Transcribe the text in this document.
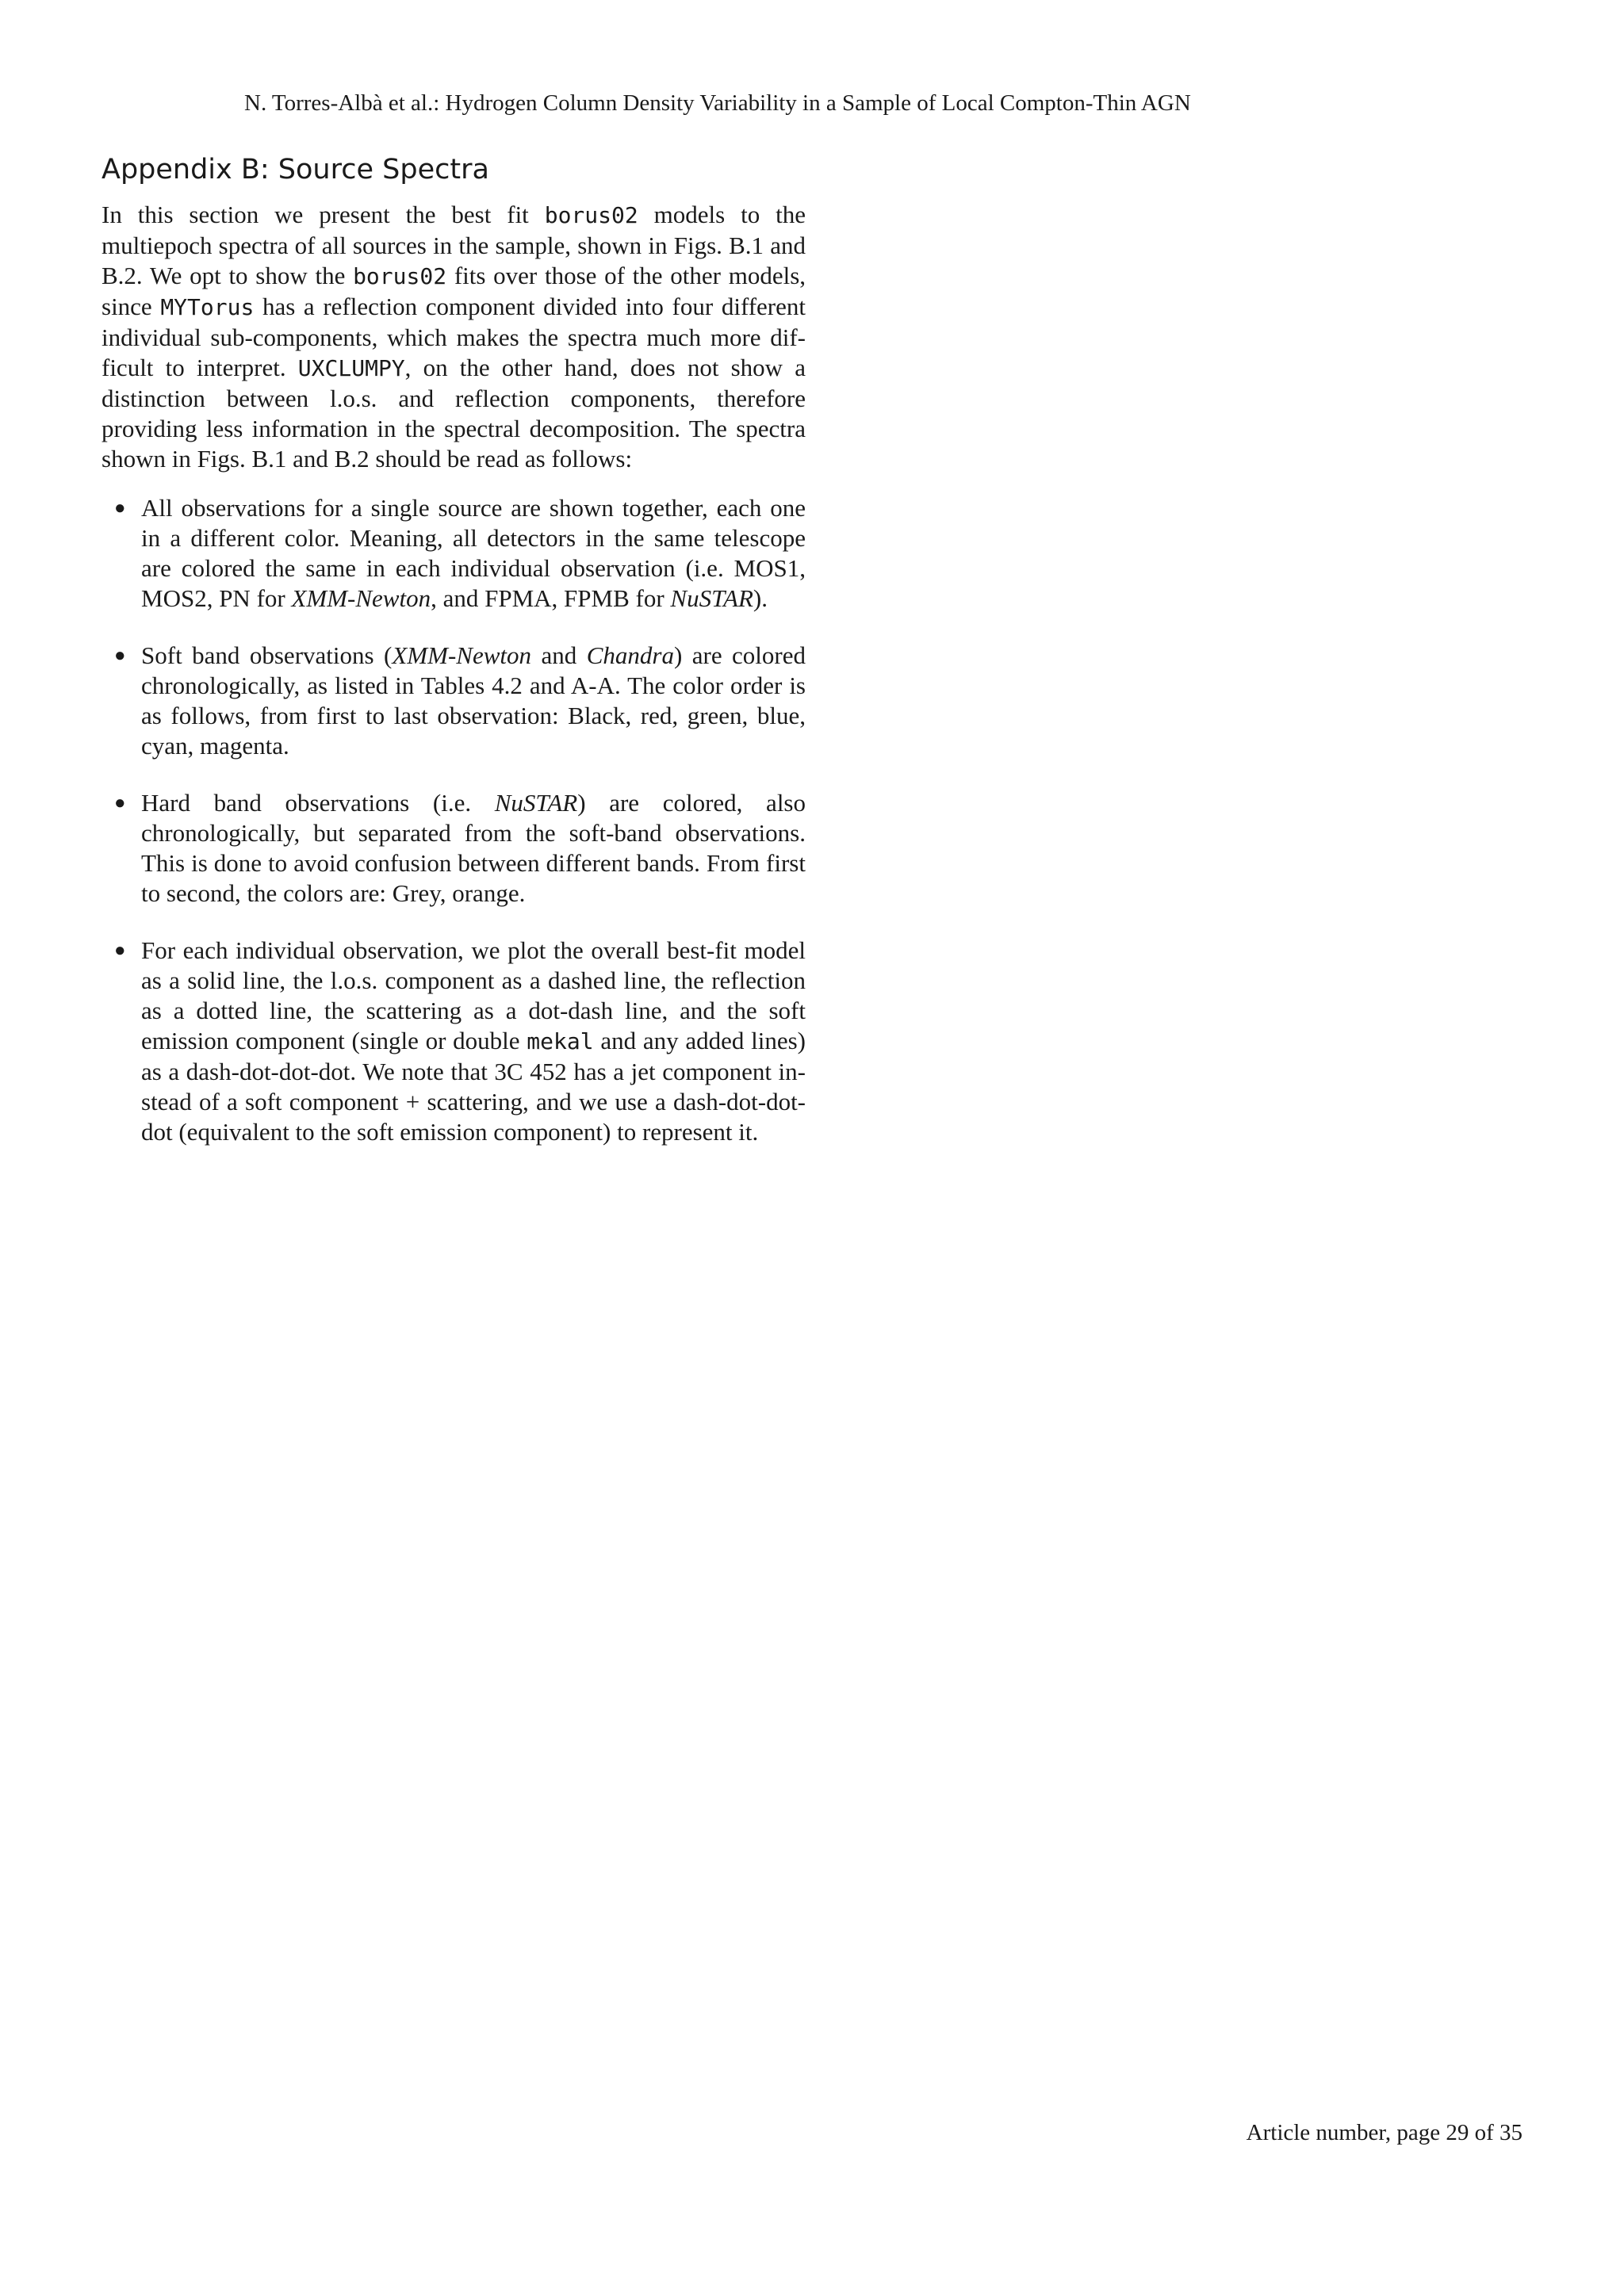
N. Torres-Albà et al.: Hydrogen Column Density Variability in a Sample of Local Compton-Thin AGN
Appendix B: Source Spectra

In this section we present the best fit borus02 models to the multiepoch spectra of all sources in the sample, shown in Figs. B.1 and B.2. We opt to show the borus02 fits over those of the other models, since MYTorus has a reflection component divided into four different individual sub-components, which makes the spectra much more difficult to interpret. UXCLUMPY, on the other hand, does not show a distinction between l.o.s. and reflection components, therefore providing less information in the spectral decomposition. The spectra shown in Figs. B.1 and B.2 should be read as follows:

● All observations for a single source are shown together, each one in a different color. Meaning, all detectors in the same telescope are colored the same in each individual observation (i.e. MOS1, MOS2, PN for XMM-Newton, and FPMA, FPMB for NuSTAR).
● Soft band observations (XMM-Newton and Chandra) are colored chronologically, as listed in Tables 4.2 and A-A. The color order is as follows, from first to last observation: Black, red, green, blue, cyan, magenta.
● Hard band observations (i.e. NuSTAR) are colored, also chronologically, but separated from the soft-band observations. This is done to avoid confusion between different bands. From first to second, the colors are: Grey, orange.
● For each individual observation, we plot the overall best-fit model as a solid line, the l.o.s. component as a dashed line, the reflection as a dotted line, the scattering as a dot-dash line, and the soft emission component (single or double mekal and any added lines) as a dash-dot-dot-dot. We note that 3C 452 has a jet component instead of a soft component + scattering, and we use a dash-dot-dot-dot (equivalent to the soft emission component) to represent it.
Article number, page 29 of 35
